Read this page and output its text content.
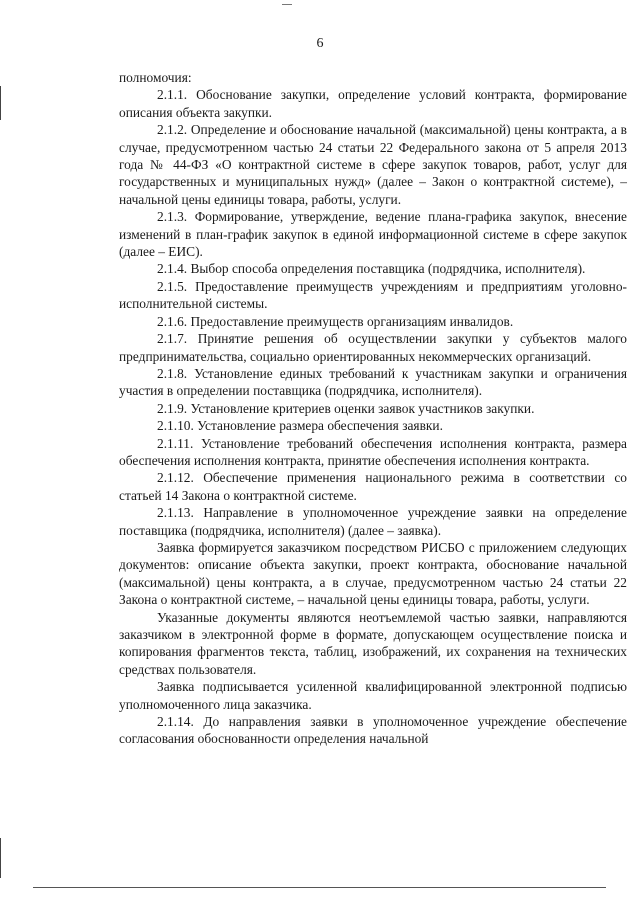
6

полномочия:

2.1.1. Обоснование закупки, определение условий контракта, формирование описания объекта закупки.

2.1.2. Определение и обоснование начальной (максимальной) цены контракта, а в случае, предусмотренном частью 24 статьи 22 Федерального закона от 5 апреля 2013 года № 44-ФЗ «О контрактной системе в сфере закупок товаров, работ, услуг для государственных и муниципальных нужд» (далее – Закон о контрактной системе), – начальной цены единицы товара, работы, услуги.

2.1.3. Формирование, утверждение, ведение плана-графика закупок, внесение изменений в план-график закупок в единой информационной системе в сфере закупок (далее – ЕИС).

2.1.4. Выбор способа определения поставщика (подрядчика, исполнителя).

2.1.5. Предоставление преимуществ учреждениям и предприятиям уголовно-исполнительной системы.

2.1.6. Предоставление преимуществ организациям инвалидов.

2.1.7. Принятие решения об осуществлении закупки у субъектов малого предпринимательства, социально ориентированных некоммерческих организаций.

2.1.8. Установление единых требований к участникам закупки и ограничения участия в определении поставщика (подрядчика, исполнителя).

2.1.9. Установление критериев оценки заявок участников закупки.

2.1.10. Установление размера обеспечения заявки.

2.1.11. Установление требований обеспечения исполнения контракта, размера обеспечения исполнения контракта, принятие обеспечения исполнения контракта.

2.1.12. Обеспечение применения национального режима в соответствии со статьей 14 Закона о контрактной системе.

2.1.13. Направление в уполномоченное учреждение заявки на определение поставщика (подрядчика, исполнителя) (далее – заявка).

Заявка формируется заказчиком посредством РИСБО с приложением следующих документов: описание объекта закупки, проект контракта, обоснование начальной (максимальной) цены контракта, а в случае, предусмотренном частью 24 статьи 22 Закона о контрактной системе, – начальной цены единицы товара, работы, услуги.

Указанные документы являются неотъемлемой частью заявки, направляются заказчиком в электронной форме в формате, допускающем осуществление поиска и копирования фрагментов текста, таблиц, изображений, их сохранения на технических средствах пользователя.

Заявка подписывается усиленной квалифицированной электронной подписью уполномоченного лица заказчика.

2.1.14. До направления заявки в уполномоченное учреждение обеспечение согласования обоснованности определения начальной
